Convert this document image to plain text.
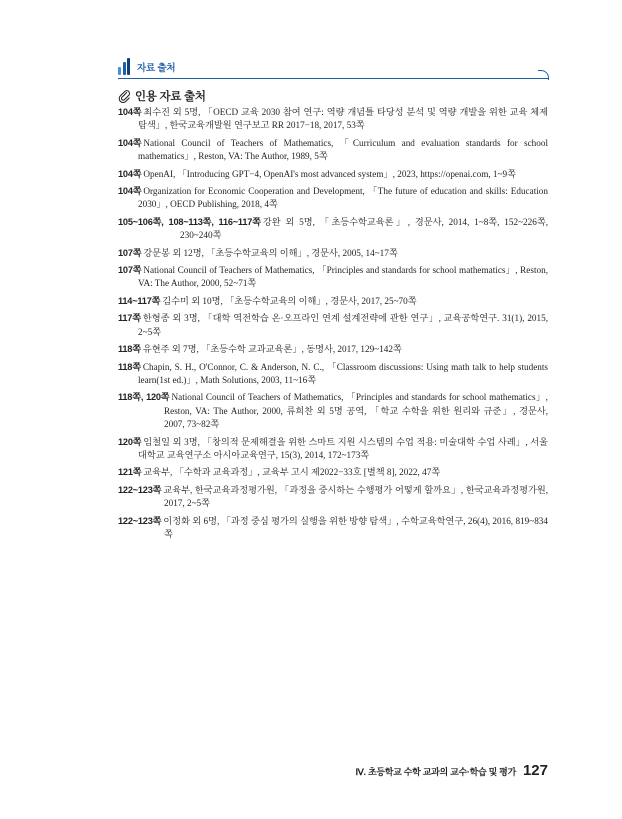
자료 출처
인용 자료 출처
104쪽 최수진 외 5명, 「OECD 교육 2030 참여 연구: 역량 개념틀 타당성 분석 및 역량 개발을 위한 교육 체제 탐색」, 한국교육개발원 연구보고 RR 2017−18, 2017, 53쪽
104쪽 National Council of Teachers of Mathematics, 「Curriculum and evaluation standards for school mathematics」, Reston, VA: The Author, 1989, 5쪽
104쪽 OpenAI, 「Introducing GPT−4, OpenAI's most advanced system」, 2023, https://openai.com, 1~9쪽
104쪽 Organization for Economic Cooperation and Development, 「The future of education and skills: Education 2030」, OECD Publishing, 2018, 4쪽
105~106쪽, 108~113쪽, 116~117쪽 강완 외 5명, 「초등수학교육론」, 경문사, 2014, 1~8쪽, 152~226쪽, 230~240쪽
107쪽 강문봉 외 12명, 「초등수학교육의 이해」, 경문사, 2005, 14~17쪽
107쪽 National Council of Teachers of Mathematics, 「Principles and standards for school mathematics」, Reston, VA: The Author, 2000, 52~71쪽
114~117쪽 김수미 외 10명, 「초등수학교육의 이해」, 경문사, 2017, 25~70쪽
117쪽 한형종 외 3명, 「대학 역전학습 온·오프라인 연계 설계전략에 관한 연구」, 교육공학연구. 31(1), 2015, 2~5쪽
118쪽 유현주 외 7명, 「초등수학 교과교육론」, 동명사, 2017, 129~142쪽
118쪽 Chapin, S. H., O'Connor, C. & Anderson, N. C., 「Classroom discussions: Using math talk to help students learn(1st ed.)」, Math Solutions, 2003, 11~16쪽
118쪽, 120쪽 National Council of Teachers of Mathematics, 「Principles and standards for school mathematics」, Reston, VA: The Author, 2000, 류희찬 외 5명 공역, 「학교 수학을 위한 원리와 규준」, 경문사, 2007, 73~82쪽
120쪽 임철일 외 3명, 「창의적 문제해결을 위한 스마트 지원 시스템의 수업 적용: 미술대학 수업 사례」, 서울대학교 교육연구소 아시아교육연구, 15(3), 2014, 172~173쪽
121쪽 교육부, 「수학과 교육과정」, 교육부 고시 제2022−33호 [별책 8], 2022, 47쪽
122~123쪽 교육부, 한국교육과정평가원, 「과정을 중시하는 수행평가 어떻게 할까요」, 한국교육과정평가원, 2017, 2~5쪽
122~123쪽 이정화 외 6명, 「과정 중심 평가의 실행을 위한 방향 탐색」, 수학교육학연구, 26(4), 2016, 819~834쪽
Ⅳ. 초등학교 수학 교과의 교수·학습 및 평가 127
